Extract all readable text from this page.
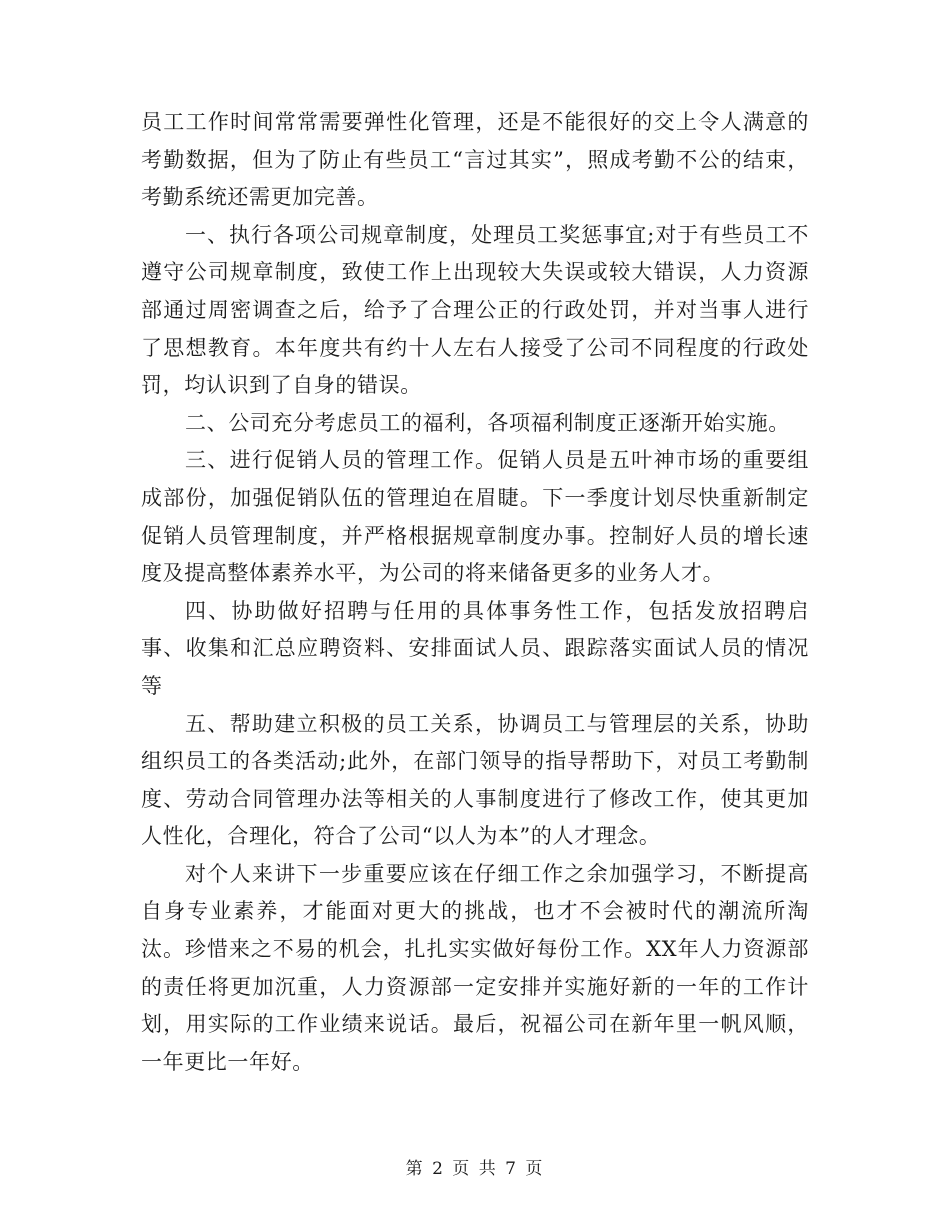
员工工作时间常常需要弹性化管理，还是不能很好的交上令人满意的考勤数据，但为了防止有些员工“言过其实”，照成考勤不公的结束，考勤系统还需更加完善。

一、执行各项公司规章制度，处理员工奖惩事宜;对于有些员工不遵守公司规章制度，致使工作上出现较大失误或较大错误，人力资源部通过周密调查之后，给予了合理公正的行政处罚，并对当事人进行了思想教育。本年度共有约十人左右人接受了公司不同程度的行政处罚，均认识到了自身的错误。

二、公司充分考虑员工的福利，各项福利制度正逐渐开始实施。

三、进行促销人员的管理工作。促销人员是五叶神市场的重要组成部份，加强促销队伍的管理迫在眉睫。下一季度计划尽快重新制定促销人员管理制度，并严格根据规章制度办事。控制好人员的增长速度及提高整体素养水平，为公司的将来储备更多的业务人才。

四、协助做好招聘与任用的具体事务性工作，包括发放招聘启事、收集和汇总应聘资料、安排面试人员、跟踪落实面试人员的情况等

五、帮助建立积极的员工关系，协调员工与管理层的关系，协助组织员工的各类活动;此外，在部门领导的指导帮助下，对员工考勤制度、劳动合同管理办法等相关的人事制度进行了修改工作，使其更加人性化，合理化，符合了公司“以人为本”的人才理念。

对个人来讲下一步重要应该在仔细工作之余加强学习，不断提高自身专业素养，才能面对更大的挑战，也才不会被时代的潮流所淘汰。珍惜来之不易的机会，扎扎实实做好每份工作。XX年人力资源部的责任将更加沉重，人力资源部一定安排并实施好新的一年的工作计划，用实际的工作业绩来说话。最后，祝福公司在新年里一帆风顺，一年更比一年好。

第 2 页 共 7 页
